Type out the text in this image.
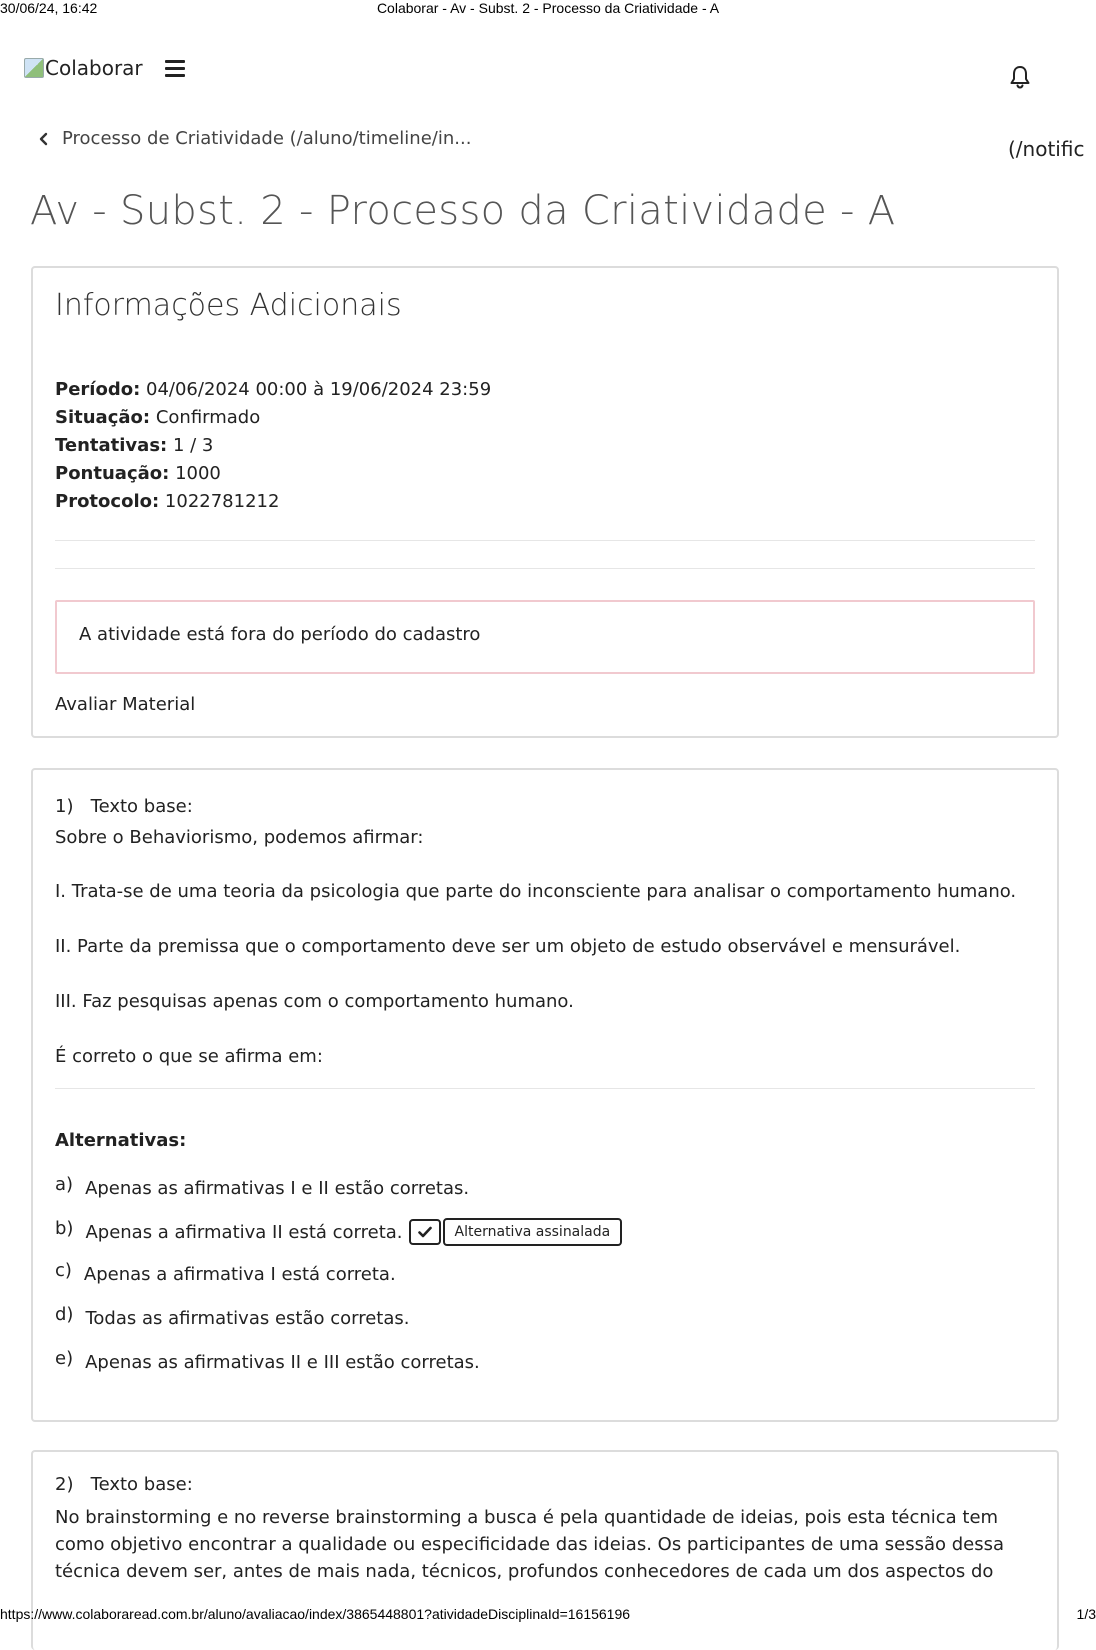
30/06/24, 16:42	Colaborar - Av - Subst. 2 - Processo da Criatividade - A
Colaborar
Processo de Criatividade (/aluno/timeline/in...	(/notific
Av - Subst. 2 - Processo da Criatividade - A
Informações Adicionais
Período: 04/06/2024 00:00 à 19/06/2024 23:59
Situação: Confirmado
Tentativas: 1 / 3
Pontuação: 1000
Protocolo: 1022781212
A atividade está fora do período do cadastro
Avaliar Material
1) Texto base:

Sobre o Behaviorismo, podemos afirmar:

I. Trata-se de uma teoria da psicologia que parte do inconsciente para analisar o comportamento humano.

II. Parte da premissa que o comportamento deve ser um objeto de estudo observável e mensurável.

III. Faz pesquisas apenas com o comportamento humano.

É correto o que se afirma em:

Alternativas:
a) Apenas as afirmativas I e II estão corretas.
b) Apenas a afirmativa II está correta.	Alternativa assinalada
c) Apenas a afirmativa I está correta.
d) Todas as afirmativas estão corretas.
e) Apenas as afirmativas II e III estão corretas.
2) Texto base:
No brainstorming e no reverse brainstorming a busca é pela quantidade de ideias, pois esta técnica tem como objetivo encontrar a qualidade ou especificidade das ideias. Os participantes de uma sessão dessa técnica devem ser, antes de mais nada, técnicos, profundos conhecedores de cada um dos aspectos do
https://www.colaboraread.com.br/aluno/avaliacao/index/3865448801?atividadeDisciplinaId=16156196	1/3
